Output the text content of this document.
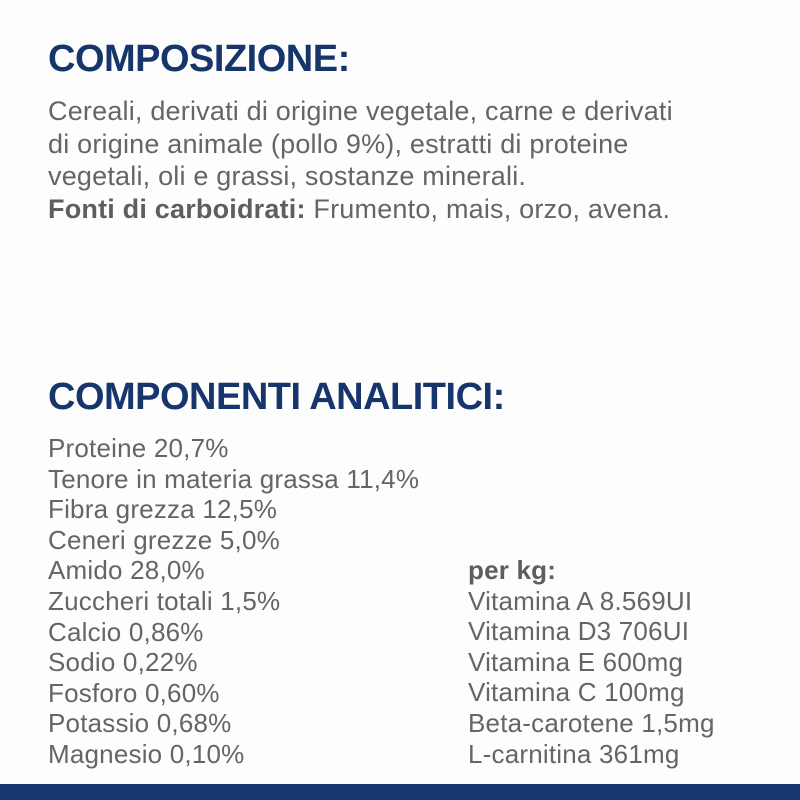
COMPOSIZIONE:
Cereali, derivati di origine vegetale, carne e derivati
di origine animale (pollo 9%), estratti di proteine
vegetali, oli e grassi, sostanze minerali.
Fonti di carboidrati: Frumento, mais, orzo, avena.
COMPONENTI ANALITICI:
Proteine 20,7%
Tenore in materia grassa 11,4%
Fibra grezza 12,5%
Ceneri grezze 5,0%
Amido 28,0%
Zuccheri totali 1,5%
Calcio 0,86%
Sodio 0,22%
Fosforo 0,60%
Potassio 0,68%
Magnesio 0,10%
per kg:
Vitamina A 8.569UI
Vitamina D3 706UI
Vitamina E 600mg
Vitamina C 100mg
Beta-carotene 1,5mg
L-carnitina 361mg
